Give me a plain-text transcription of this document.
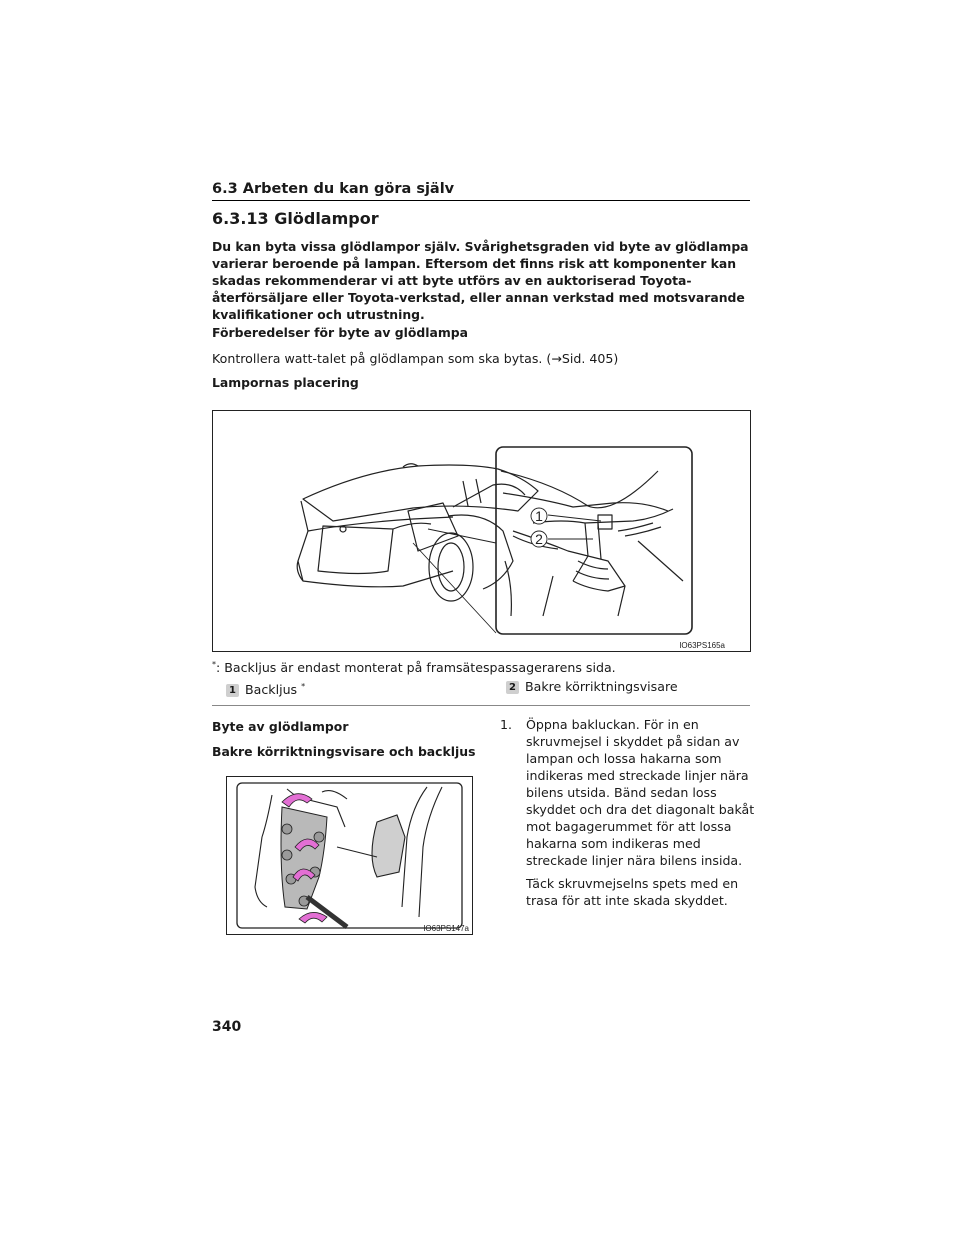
6.3 Arbeten du kan göra själv
6.3.13 Glödlampor
Du kan byta vissa glödlampor själv. Svårighetsgraden vid byte av glödlampa varierar beroende på lampan. Eftersom det finns risk att komponenter kan skadas rekommenderar vi att byte utförs av en auktoriserad Toyota-återförsäljare eller Toyota-verkstad, eller annan verkstad med motsvarande kvalifikationer och utrustning.
Förberedelser för byte av glödlampa
Kontrollera watt-talet på glödlampan som ska bytas. (→Sid. 405)
Lampornas placering
1
2
IO63PS165a
*: Backljus är endast monterat på framsätespassagerarens sida.
1 Backljus *	2 Bakre körriktningsvisare
Byte av glödlampor
Bakre körriktningsvisare och backljus
IO63PS147a
1. Öppna bakluckan. För in en skruvmejsel i skyddet på sidan av lampan och lossa hakarna som indikeras med streckade linjer nära bilens utsida. Bänd sedan loss skyddet och dra det diagonalt bakåt mot bagagerummet för att lossa hakarna som indikeras med streckade linjer nära bilens insida.
Täck skruvmejselns spets med en trasa för att inte skada skyddet.
340
